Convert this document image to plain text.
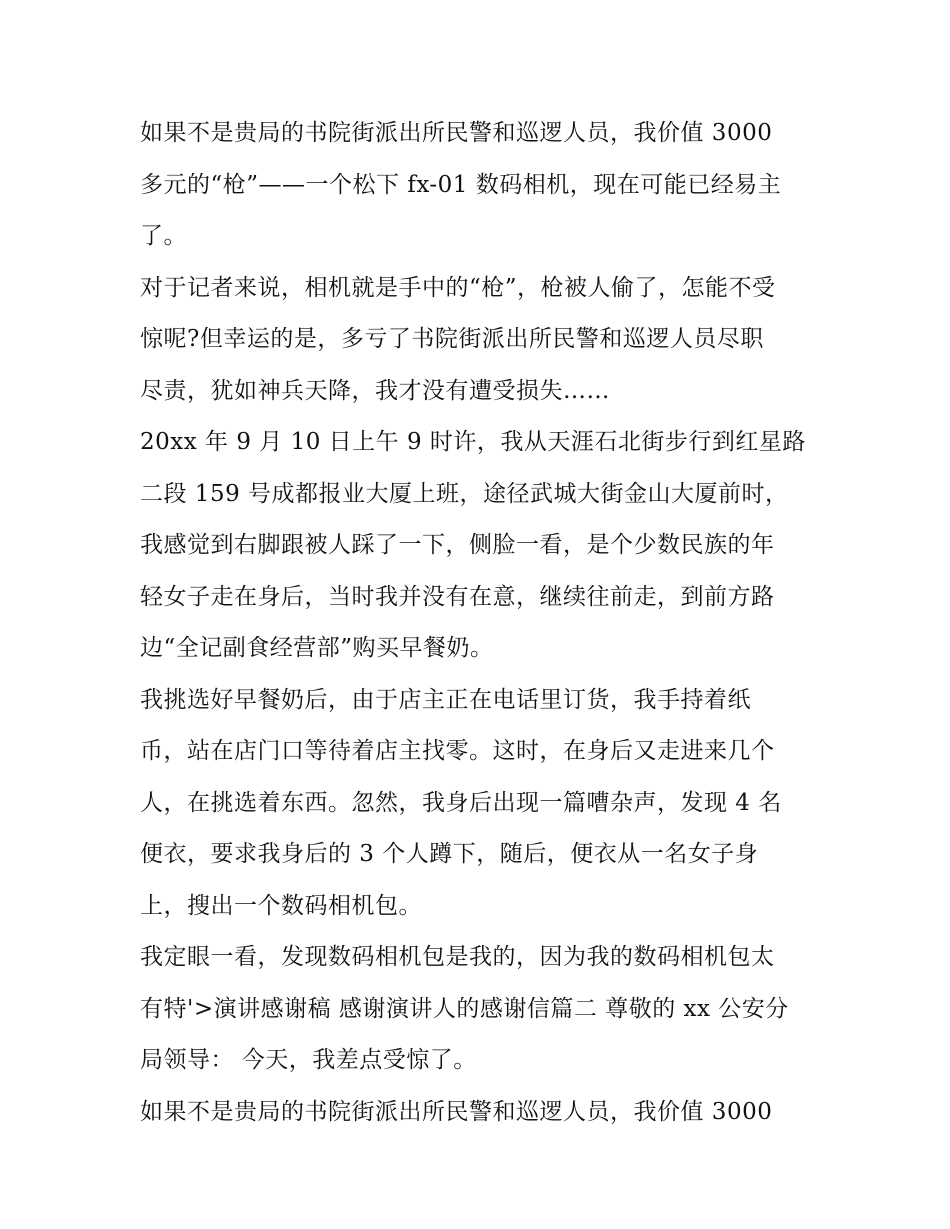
如果不是贵局的书院街派出所民警和巡逻人员，我价值 3000
多元的“枪”——一个松下 fx-01 数码相机，现在可能已经易主
了。
对于记者来说，相机就是手中的“枪”，枪被人偷了，怎能不受
惊呢?但幸运的是，多亏了书院街派出所民警和巡逻人员尽职
尽责，犹如神兵天降，我才没有遭受损失……
20xx 年 9 月 10 日上午 9 时许，我从天涯石北街步行到红星路
二段 159 号成都报业大厦上班，途径武城大街金山大厦前时，
我感觉到右脚跟被人踩了一下，侧脸一看，是个少数民族的年
轻女子走在身后，当时我并没有在意，继续往前走，到前方路
边“全记副食经营部”购买早餐奶。
我挑选好早餐奶后，由于店主正在电话里订货，我手持着纸
币，站在店门口等待着店主找零。这时，在身后又走进来几个
人，在挑选着东西。忽然，我身后出现一篇嘈杂声，发现 4 名
便衣，要求我身后的 3 个人蹲下，随后，便衣从一名女子身
上，搜出一个数码相机包。
我定眼一看，发现数码相机包是我的，因为我的数码相机包太
有特'>演讲感谢稿 感谢演讲人的感谢信篇二 尊敬的 xx 公安分
局领导： 今天，我差点受惊了。
如果不是贵局的书院街派出所民警和巡逻人员，我价值 3000
